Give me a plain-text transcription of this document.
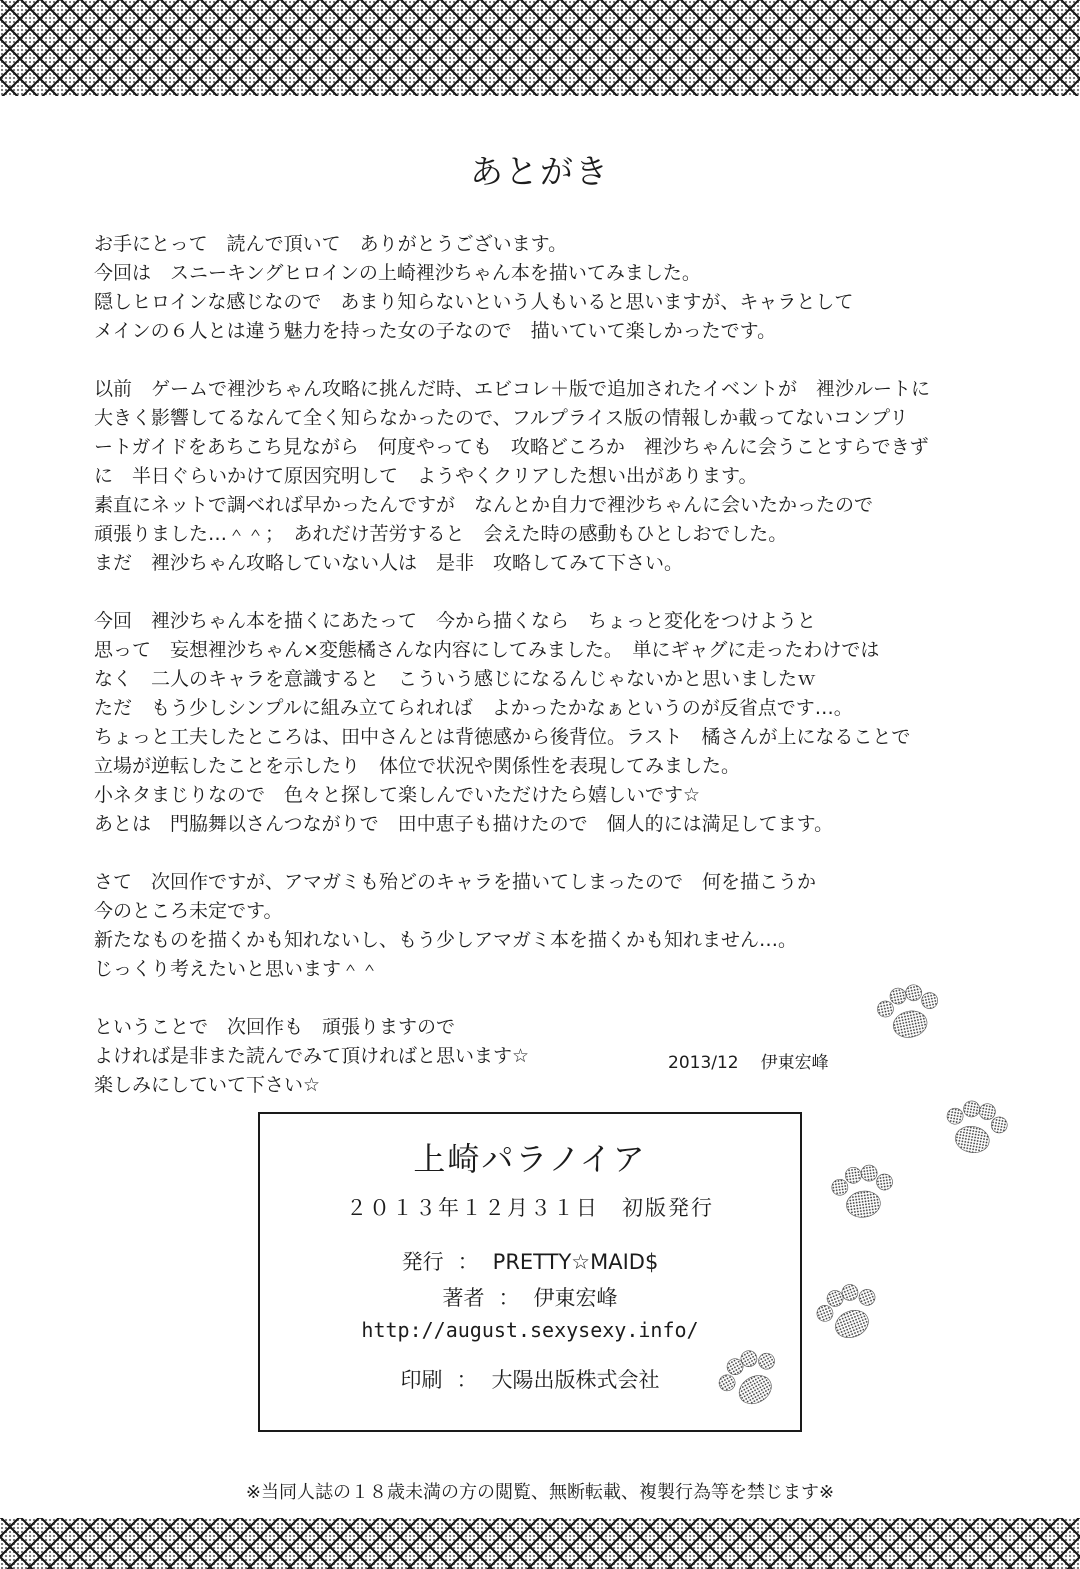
あとがき

お手にとって　読んで頂いて　ありがとうございます。
今回は　スニーキングヒロインの上崎裡沙ちゃん本を描いてみました。
隠しヒロインな感じなので　あまり知らないという人もいると思いますが、キャラとして
メインの６人とは違う魅力を持った女の子なので　描いていて楽しかったです。

以前　ゲームで裡沙ちゃん攻略に挑んだ時、エビコレ＋版で追加されたイベントが　裡沙ルートに
大きく影響してるなんて全く知らなかったので、フルプライス版の情報しか載ってないコンプリ
ートガイドをあちこち見ながら　何度やっても　攻略どころか　裡沙ちゃんに会うことすらできず
に　半日ぐらいかけて原因究明して　ようやくクリアした想い出があります。
素直にネットで調べれば早かったんですが　なんとか自力で裡沙ちゃんに会いたかったので
頑張りました…＾＾；　あれだけ苦労すると　会えた時の感動もひとしおでした。
まだ　裡沙ちゃん攻略していない人は　是非　攻略してみて下さい。

今回　裡沙ちゃん本を描くにあたって　今から描くなら　ちょっと変化をつけようと
思って　妄想裡沙ちゃん×変態橘さんな内容にしてみました。　単にギャグに走ったわけでは
なく　二人のキャラを意識すると　こういう感じになるんじゃないかと思いましたｗ
ただ　もう少しシンプルに組み立てられれば　よかったかなぁというのが反省点です…。
ちょっと工夫したところは、田中さんとは背徳感から後背位。ラスト　橘さんが上になることで
立場が逆転したことを示したり　体位で状況や関係性を表現してみました。
小ネタまじりなので　色々と探して楽しんでいただけたら嬉しいです☆
あとは　門脇舞以さんつながりで　田中恵子も描けたので　個人的には満足してます。

さて　次回作ですが、アマガミも殆どのキャラを描いてしまったので　何を描こうか
今のところ未定です。
新たなものを描くかも知れないし、もう少しアマガミ本を描くかも知れません…。
じっくり考えたいと思います＾＾

ということで　次回作も　頑張りますので
よければ是非また読んでみて頂ければと思います☆
楽しみにしていて下さい☆

2013/12 伊東宏峰
上崎パラノイア
２０１３年１２月３１日　初版発行
発行 ： PRETTY☆MAID$
著者 ： 伊東宏峰
http://august.sexysexy.info/
印刷 ： 大陽出版株式会社
※当同人誌の１８歳未満の方の閲覧、無断転載、複製行為等を禁じます※
